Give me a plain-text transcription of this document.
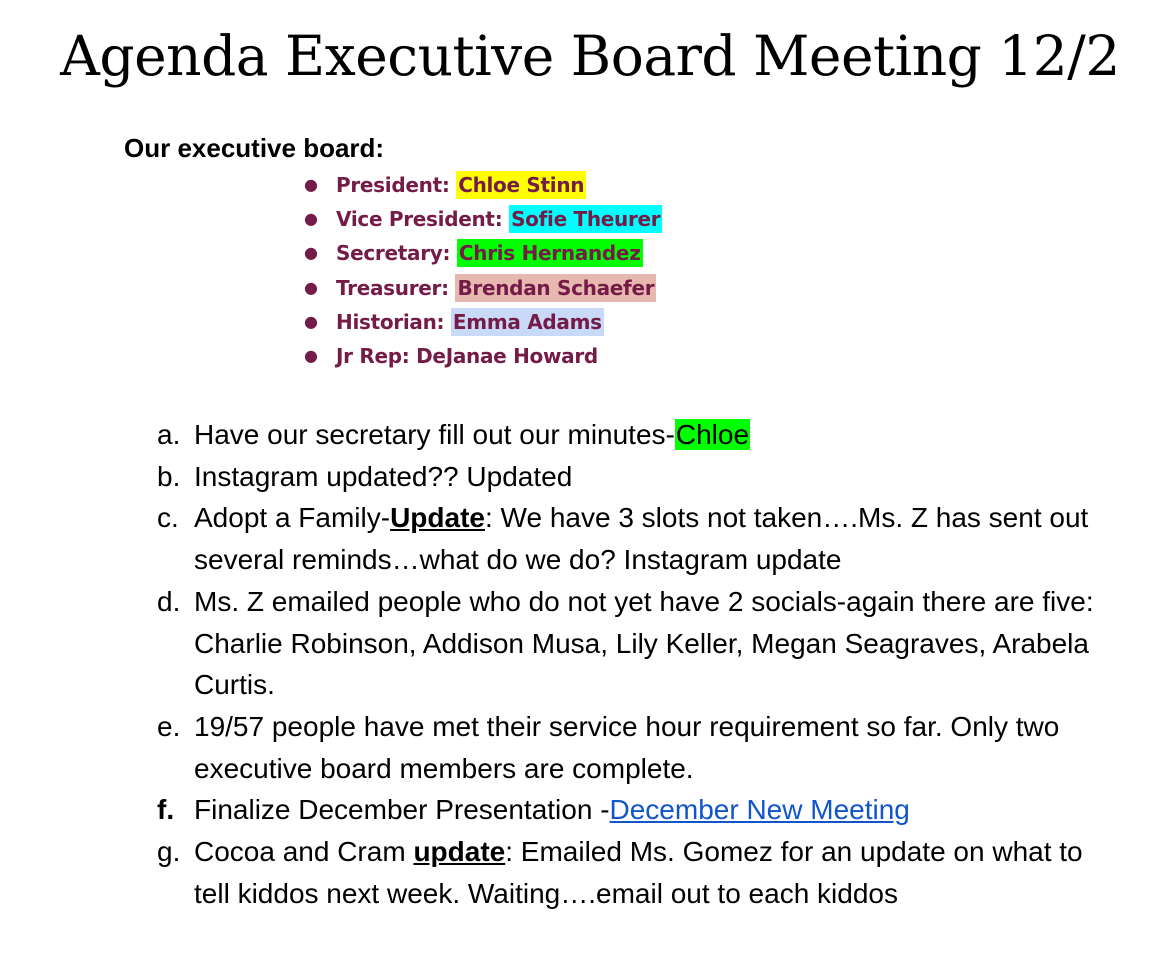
Agenda Executive Board Meeting 12/2
Our executive board:
● President: Chloe Stinn
● Vice President: Sofie Theurer
● Secretary: Chris Hernandez
● Treasurer: Brendan Schaefer
● Historian: Emma Adams
● Jr Rep: DeJanae Howard
a. Have our secretary fill out our minutes-Chloe
b. Instagram updated?? Updated
c. Adopt a Family-Update: We have 3 slots not taken….Ms. Z has sent out several reminds…what do we do? Instagram update
d. Ms. Z emailed people who do not yet have 2 socials-again there are five: Charlie Robinson, Addison Musa, Lily Keller, Megan Seagraves, Arabela Curtis.
e. 19/57 people have met their service hour requirement so far. Only two executive board members are complete.
f. Finalize December Presentation -December New Meeting
g. Cocoa and Cram update: Emailed Ms. Gomez for an update on what to tell kiddos next week. Waiting….email out to each kiddos
